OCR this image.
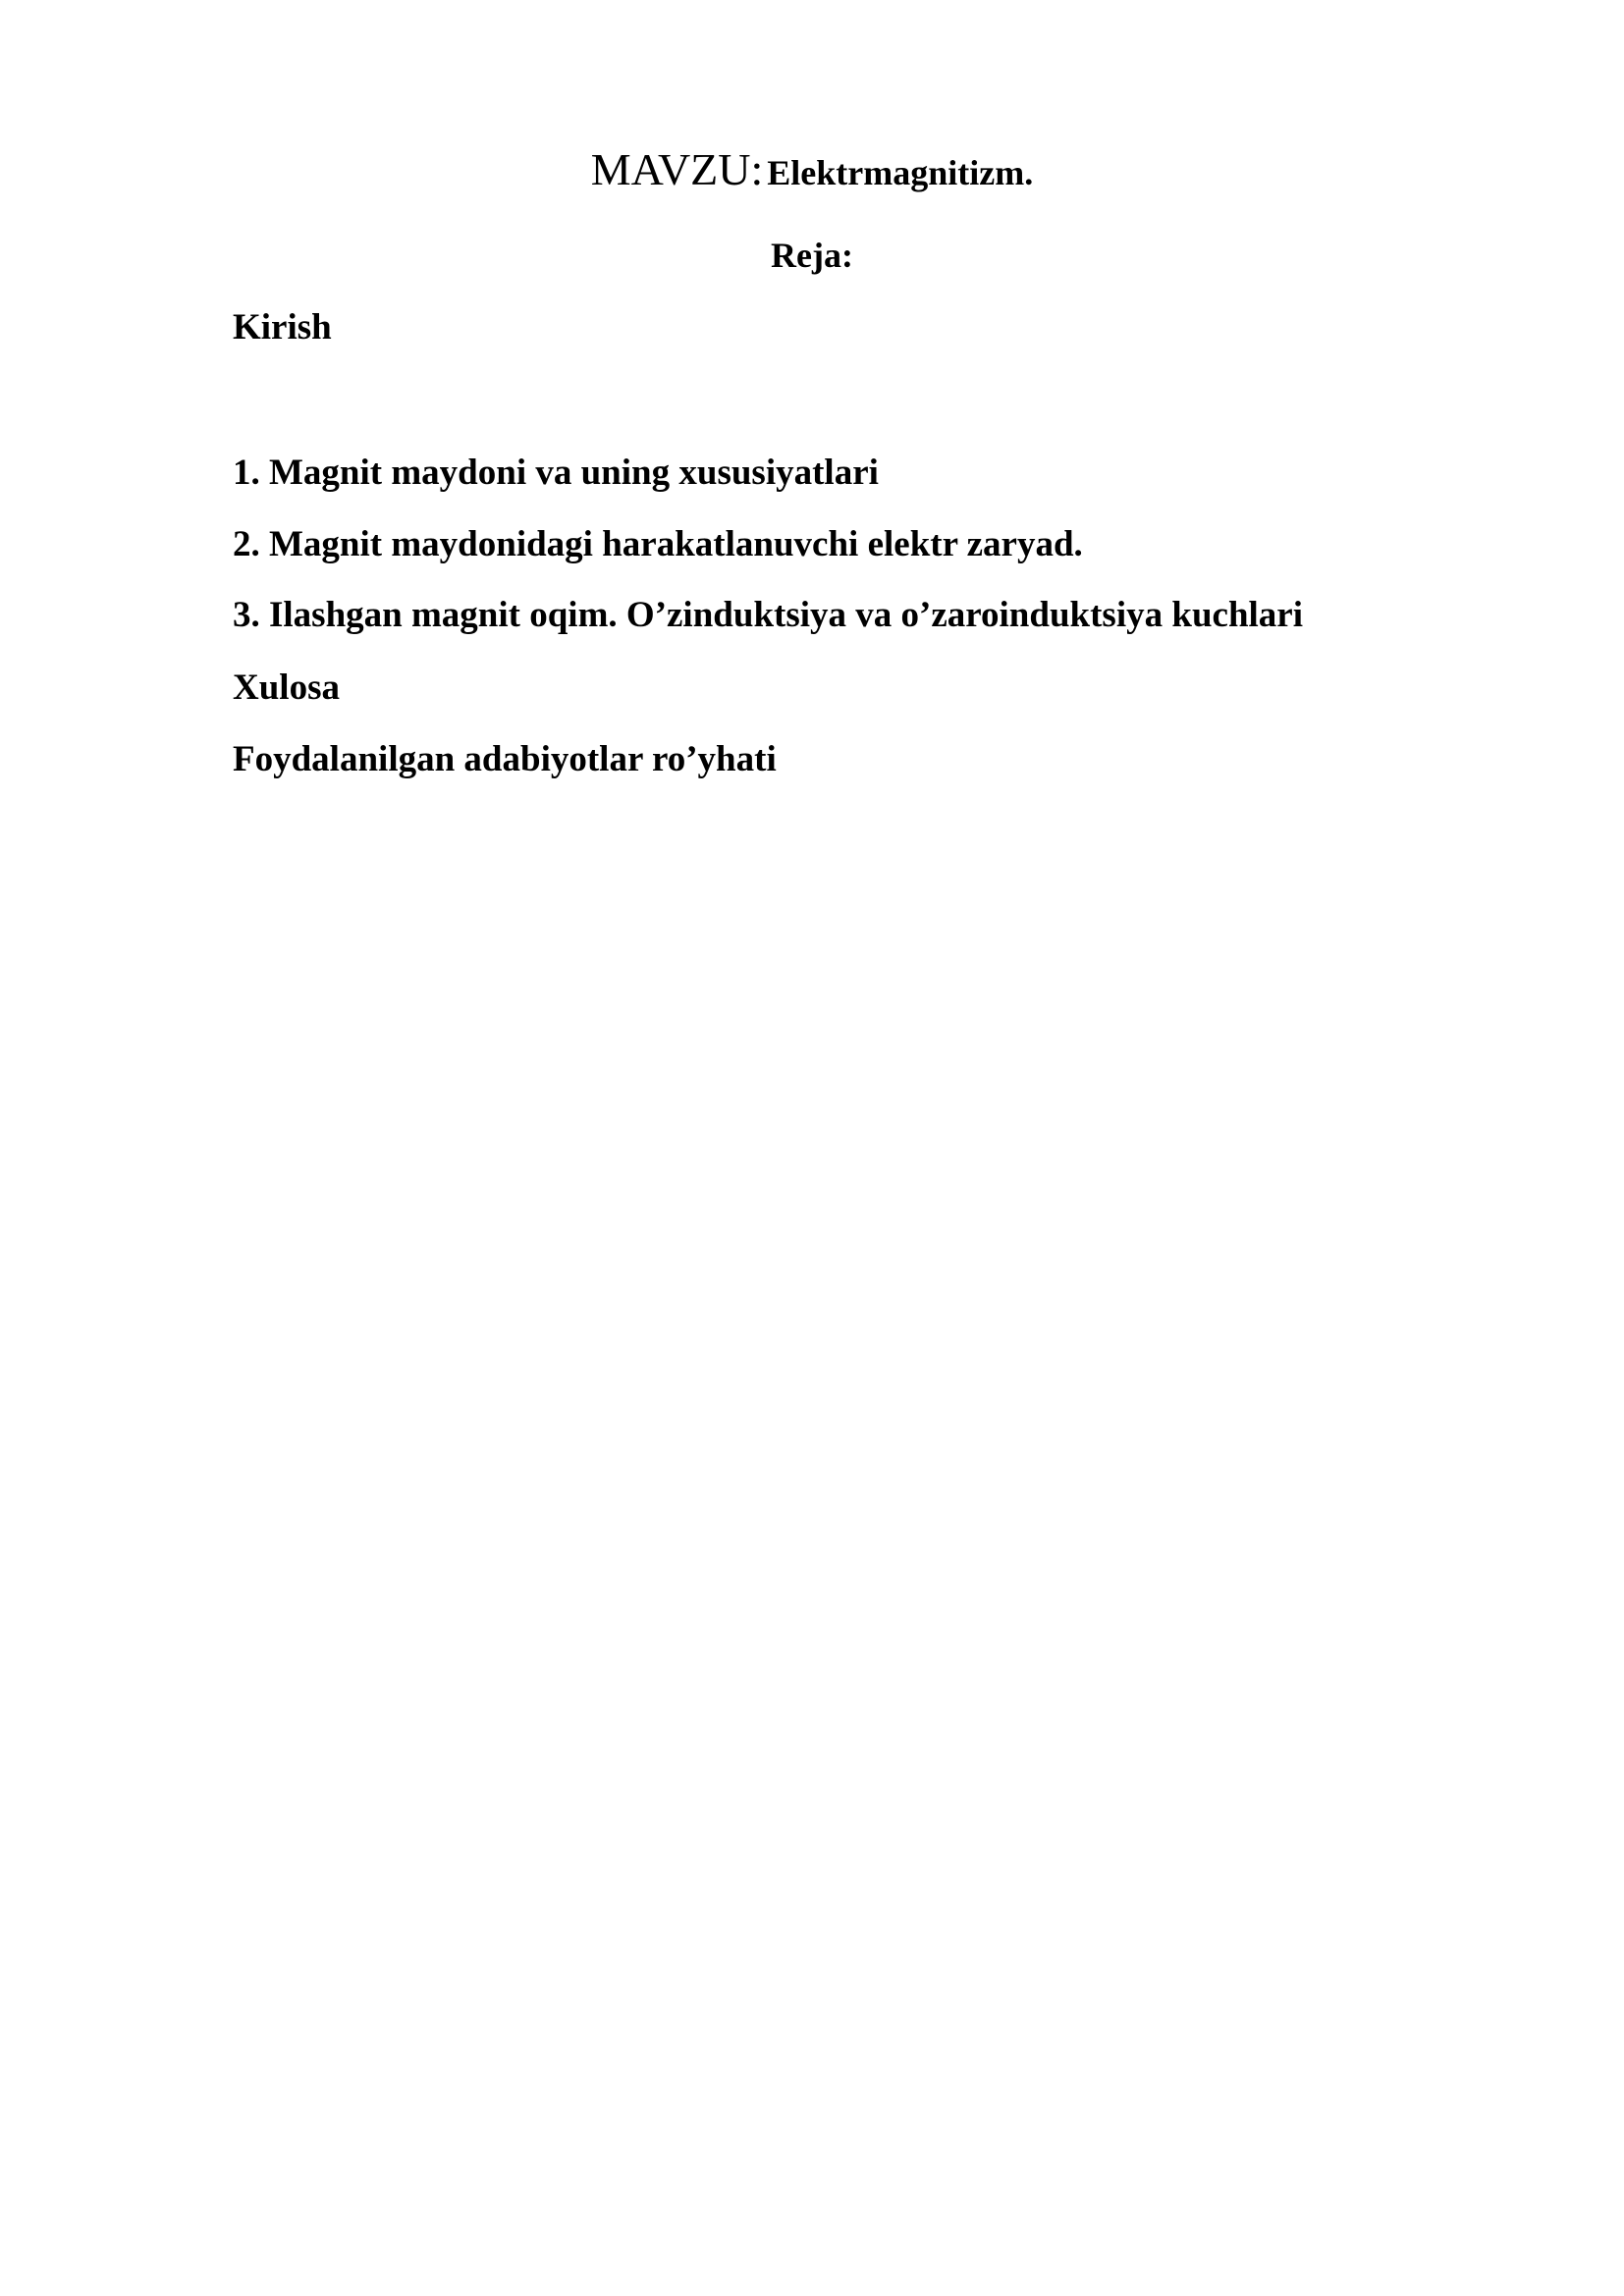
MAVZU: Elektrmagnitizm.
Reja:
Kirish
1. Magnit maydoni va uning xususiyatlari
2. Magnit maydonidagi harakatlanuvchi elektr zaryad.
3. Ilashgan magnit oqim. O’zinduktsiya va o’zaroinduktsiya kuchlari
Xulosa
Foydalanilgan adabiyotlar ro’yhati
